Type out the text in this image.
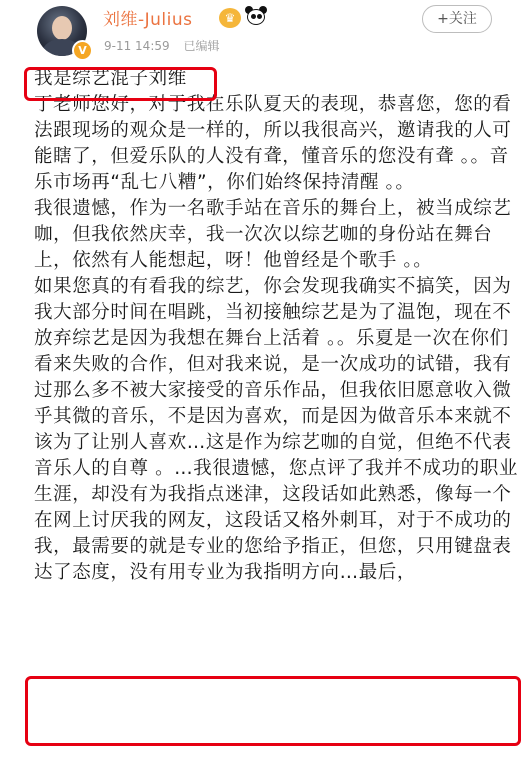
V
刘维-Julius	♛
9-11 14:59 已编辑
+关注

我是综艺混子刘维

丁老师您好，对于我在乐队夏天的表现，恭喜您，您的看法跟现场的观众是一样的，所以我很高兴，邀请我的人可能瞎了，但爱乐队的人没有聋，懂音乐的您没有聋 。。音乐市场再“乱七八糟”，你们始终保持清醒 。。

我很遗憾，作为一名歌手站在音乐的舞台上，被当成综艺咖，但我依然庆幸，我一次次以综艺咖的身份站在舞台上，依然有人能想起，呀！他曾经是个歌手 。。

如果您真的有看我的综艺，你会发现我确实不搞笑，因为我大部分时间在唱跳，当初接触综艺是为了温饱，现在不放弃综艺是因为我想在舞台上活着 。。乐夏是一次在你们看来失败的合作，但对我来说，是一次成功的试错，我有过那么多不被大家接受的音乐作品，但我依旧愿意收入微乎其微的音乐，不是因为喜欢，而是因为做音乐本来就不该为了让别人喜欢…这是作为综艺咖的自觉，但绝不代表音乐人的自尊 。…我很遗憾，您点评了我并不成功的职业生涯，却没有为我指点迷津，这段话如此熟悉，像每一个在网上讨厌我的网友，这段话又格外刺耳，对于不成功的我，最需要的就是专业的您给予指正，但您，只用键盘表达了态度，没有用专业为我指明方向…最后，
